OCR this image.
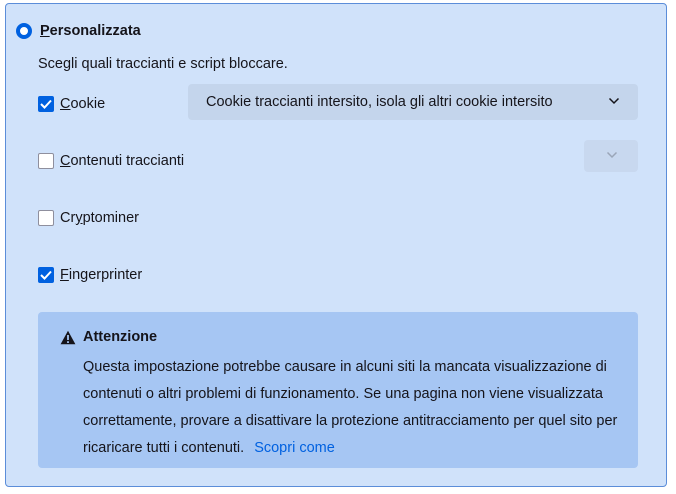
Personalizzata
Scegli quali traccianti e script bloccare.
Cookie	Cookie traccianti intersito, isola gli altri cookie intersito
Contenuti traccianti
Cryptominer
Fingerprinter
Attenzione
Questa impostazione potrebbe causare in alcuni siti la mancata visualizzazione di contenuti o altri problemi di funzionamento. Se una pagina non viene visualizzata correttamente, provare a disattivare la protezione antitracciamento per quel sito per ricaricare tutti i contenuti. Scopri come
